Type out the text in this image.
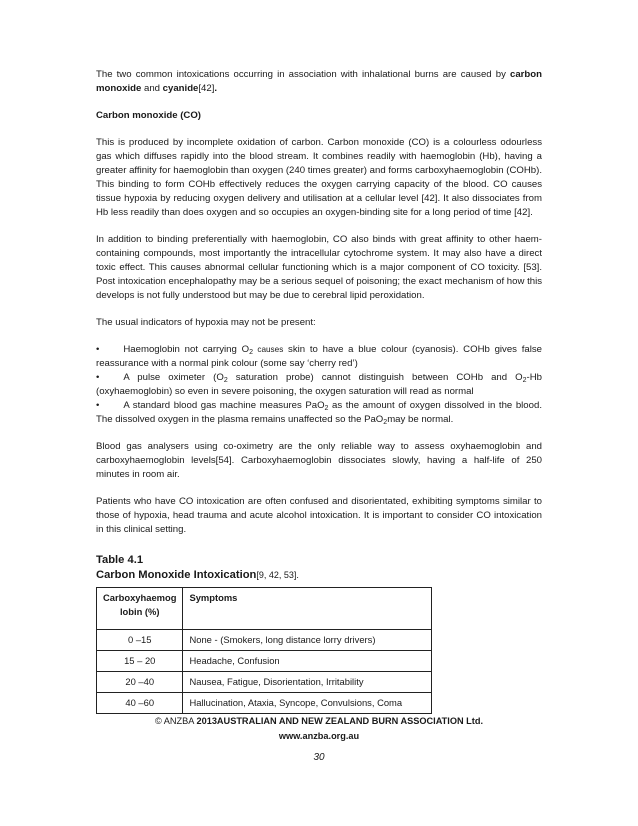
The two common intoxications occurring in association with inhalational burns are caused by carbon monoxide and cyanide[42].

Carbon monoxide (CO)

This is produced by incomplete oxidation of carbon. Carbon monoxide (CO) is a colourless odourless gas which diffuses rapidly into the blood stream. It combines readily with haemoglobin (Hb), having a greater affinity for haemoglobin than oxygen (240 times greater) and forms carboxyhaemoglobin (COHb). This binding to form COHb effectively reduces the oxygen carrying capacity of the blood. CO causes tissue hypoxia by reducing oxygen delivery and utilisation at a cellular level [42]. It also dissociates from Hb less readily than does oxygen and so occupies an oxygen-binding site for a long period of time [42].

In addition to binding preferentially with haemoglobin, CO also binds with great affinity to other haem- containing compounds, most importantly the intracellular cytochrome system. It may also have a direct toxic effect. This causes abnormal cellular functioning which is a major component of CO toxicity. [53]. Post intoxication encephalopathy may be a serious sequel of poisoning; the exact mechanism of how this develops is not fully understood but may be due to cerebral lipid peroxidation.

The usual indicators of hypoxia may not be present:

•	Haemoglobin not carrying $O_2$ causes skin to have a blue colour (cyanosis). COHb gives false reassurance with a normal pink colour (some say ‘cherry red’)

•	A pulse oximeter ($O_2$ saturation probe) cannot distinguish between COHb and $O_2-Hb$ (oxyhaemoglobin) so even in severe poisoning, the oxygen saturation will read as normal

•	A standard blood gas machine measures PaO$_2$ as the amount of oxygen dissolved in the blood. The dissolved oxygen in the plasma remains unaffected so the PaO$_2$may be normal.

Blood gas analysers using co-oximetry are the only reliable way to assess oxyhaemoglobin and carboxyhaemoglobin levels[54]. Carboxyhaemoglobin dissociates slowly, having a half-life of 250 minutes in room air.

Patients who have CO intoxication are often confused and disorientated, exhibiting symptoms similar to those of hypoxia, head trauma and acute alcohol intoxication. It is important to consider CO intoxication in this clinical setting.

Table 4.1
Carbon Monoxide Intoxication[9, 42, 53].
Carboxyhaemog lobin (%)	Symptoms
0 –15	None - (Smokers, long distance lorry drivers)
15 – 20	Headache, Confusion
20 –40	Nausea, Fatigue, Disorientation, Irritability
40 –60	Hallucination, Ataxia, Syncope, Convulsions, Coma
© ANZBA 2013AUSTRALIAN AND NEW ZEALAND BURN ASSOCIATION Ltd.
www.anzba.org.au
30
